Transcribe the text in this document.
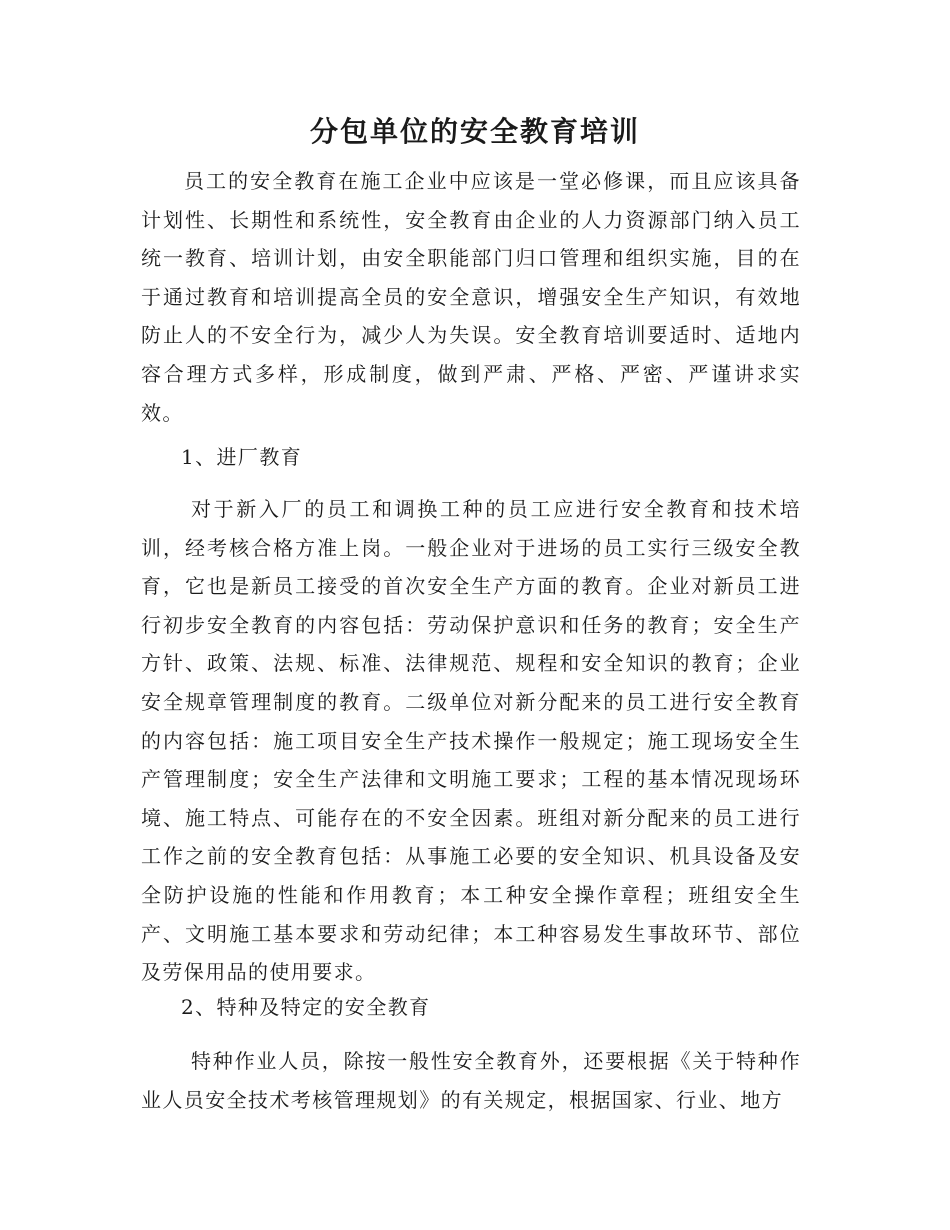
分包单位的安全教育培训

员工的安全教育在施工企业中应该是一堂必修课，而且应该具备计划性、长期性和系统性，安全教育由企业的人力资源部门纳入员工统一教育、培训计划，由安全职能部门归口管理和组织实施，目的在于通过教育和培训提高全员的安全意识，增强安全生产知识，有效地防止人的不安全行为，减少人为失误。安全教育培训要适时、适地内容合理方式多样，形成制度，做到严肃、严格、严密、严谨讲求实效。

1、进厂教育

对于新入厂的员工和调换工种的员工应进行安全教育和技术培训，经考核合格方准上岗。一般企业对于进场的员工实行三级安全教育，它也是新员工接受的首次安全生产方面的教育。企业对新员工进行初步安全教育的内容包括：劳动保护意识和任务的教育；安全生产方针、政策、法规、标准、法律规范、规程和安全知识的教育；企业安全规章管理制度的教育。二级单位对新分配来的员工进行安全教育的内容包括：施工项目安全生产技术操作一般规定；施工现场安全生产管理制度；安全生产法律和文明施工要求；工程的基本情况现场环境、施工特点、可能存在的不安全因素。班组对新分配来的员工进行工作之前的安全教育包括：从事施工必要的安全知识、机具设备及安全防护设施的性能和作用教育；本工种安全操作章程；班组安全生产、文明施工基本要求和劳动纪律；本工种容易发生事故环节、部位及劳保用品的使用要求。

2、特种及特定的安全教育

特种作业人员，除按一般性安全教育外，还要根据《关于特种作业人员安全技术考核管理规划》的有关规定，根据国家、行业、地方
